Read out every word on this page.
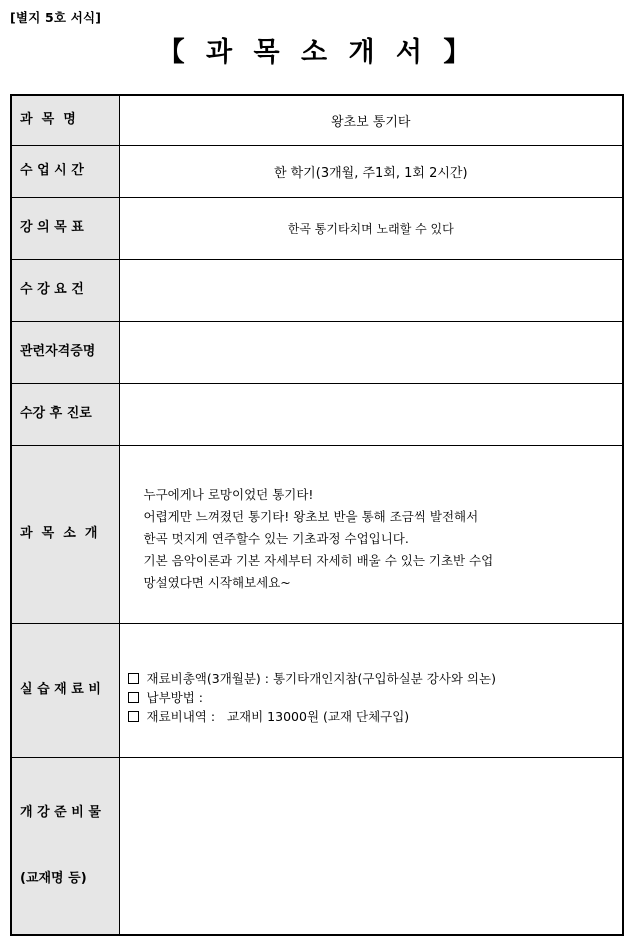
[별지 5호 서식]
【 과 목 소 개 서 】
과  목  명	왕초보 통기타
수 업 시 간	한 학기(3개월, 주1회, 1회 2시간)
강 의 목 표	한곡 통기타치며 노래할 수 있다
수 강 요 건	
관련자격증명	
수강 후 진로	
과  목  소  개	누구에게나 로망이었던 통기타!
어렵게만 느껴졌던 통기타! 왕초보 반을 통해 조금씩 발전해서
한곡 멋지게 연주할수 있는 기초과정 수업입니다.
기본 음악이론과 기본 자세부터 자세히 배울 수 있는 기초반 수업
망설였다면 시작해보세요~

실 습 재 료 비	재료비총액(3개월분) : 통기타개인지참(구입하실분 강사와 의논)
납부방법 :
재료비내역 :   교재비 13000원 (교재 단체구입)

개 강 준 비 물

(교재명 등)	
